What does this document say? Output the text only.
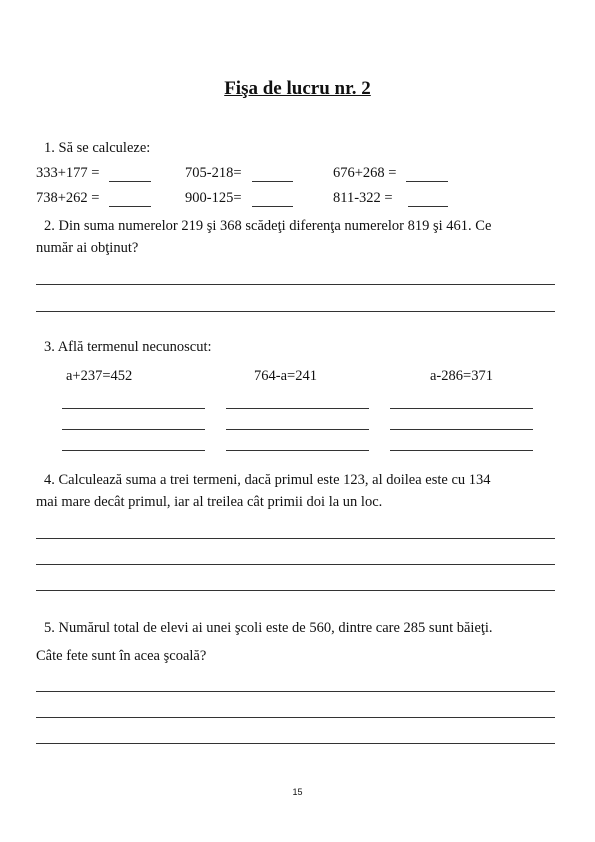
Fişa de lucru nr. 2
1. Să se calculeze:
333+177 =	705-218=	676+268 =
738+262 =	900-125=	811-322 =
2. Din suma numerelor 219 şi 368 scădeţi diferenţa numerelor 819 şi 461. Ce
număr ai obţinut?
3. Află termenul necunoscut:
a+237=452	764-a=241	a-286=371
4. Calculează suma a trei termeni, dacă primul este 123, al doilea este cu 134
mai mare decât primul, iar al treilea cât primii doi la un loc.
5. Numărul total de elevi ai unei şcoli este de 560, dintre care 285 sunt băieţi.
Câte fete sunt în acea şcoală?
15
